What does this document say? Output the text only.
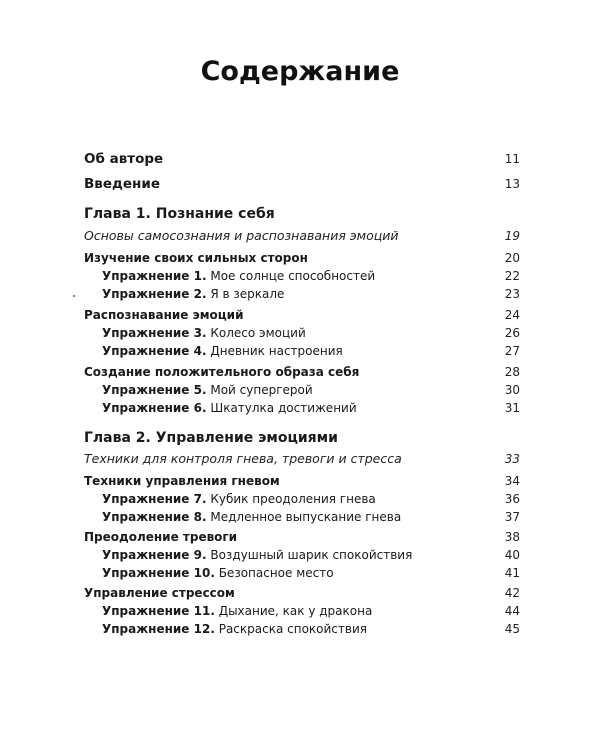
Содержание
Об авторе	11
Введение	13
Глава 1. Познание себя
Основы самосознания и распознавания эмоций	19
Изучение своих сильных сторон	20
Упражнение 1. Мое солнце способностей	22
Упражнение 2. Я в зеркале	23
Распознавание эмоций	24
Упражнение 3. Колесо эмоций	26
Упражнение 4. Дневник настроения	27
Создание положительного образа себя	28
Упражнение 5. Мой супергерой	30
Упражнение 6. Шкатулка достижений	31
Глава 2. Управление эмоциями
Техники для контроля гнева, тревоги и стресса	33
Техники управления гневом	34
Упражнение 7. Кубик преодоления гнева	36
Упражнение 8. Медленное выпускание гнева	37
Преодоление тревоги	38
Упражнение 9. Воздушный шарик спокойствия	40
Упражнение 10. Безопасное место	41
Управление стрессом	42
Упражнение 11. Дыхание, как у дракона	44
Упражнение 12. Раскраска спокойствия	45
